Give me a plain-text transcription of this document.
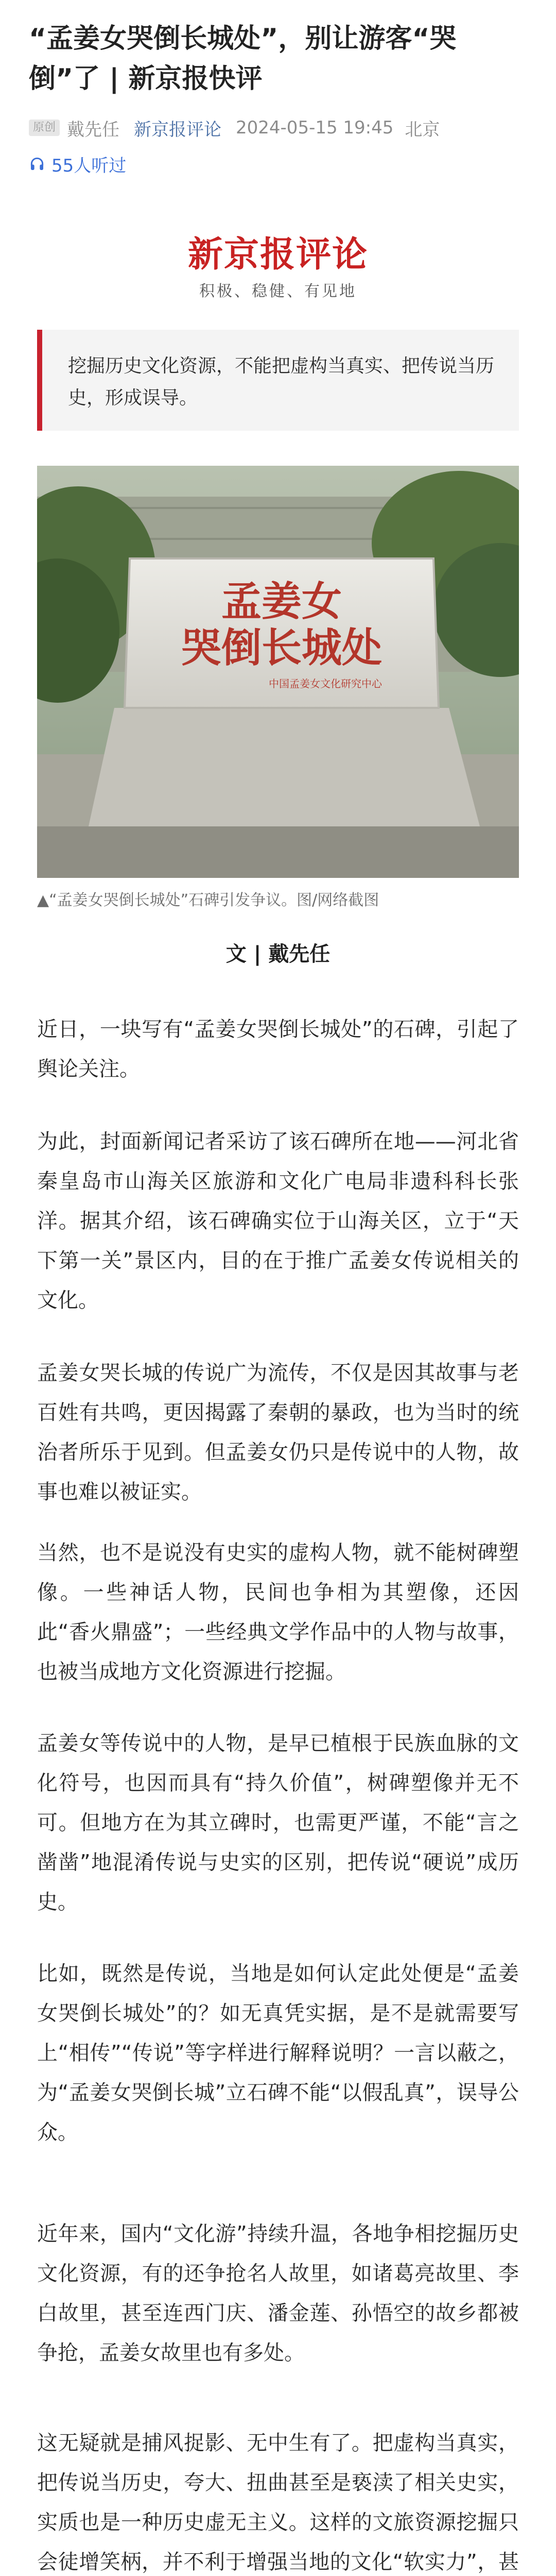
“孟姜女哭倒长城处”，别让游客“哭倒”了 | 新京报快评
原创 戴先任 新京报评论 2024-05-15 19:45 北京
55人听过
新京报评论
积极、稳健、有见地
挖掘历史文化资源，不能把虚构当真实、把传说当历史，形成误导。
孟姜女
哭倒长城处
中国孟姜女文化研究中心
▲“孟姜女哭倒长城处”石碑引发争议。图/网络截图
文 | 戴先任

近日，一块写有“孟姜女哭倒长城处”的石碑，引起了舆论关注。

为此，封面新闻记者采访了该石碑所在地——河北省秦皇岛市山海关区旅游和文化广电局非遗科科长张洋。据其介绍，该石碑确实位于山海关区，立于“天下第一关”景区内，目的在于推广孟姜女传说相关的文化。

孟姜女哭长城的传说广为流传，不仅是因其故事与老百姓有共鸣，更因揭露了秦朝的暴政，也为当时的统治者所乐于见到。但孟姜女仍只是传说中的人物，故事也难以被证实。

当然，也不是说没有史实的虚构人物，就不能树碑塑像。一些神话人物，民间也争相为其塑像，还因此“香火鼎盛”；一些经典文学作品中的人物与故事，也被当成地方文化资源进行挖掘。

孟姜女等传说中的人物，是早已植根于民族血脉的文化符号，也因而具有“持久价值”，树碑塑像并无不可。但地方在为其立碑时，也需更严谨，不能“言之凿凿”地混淆传说与史实的区别，把传说“硬说”成历史。

比如，既然是传说，当地是如何认定此处便是“孟姜女哭倒长城处”的？如无真凭实据，是不是就需要写上“相传”“传说”等字样进行解释说明？一言以蔽之，为“孟姜女哭倒长城”立石碑不能“以假乱真”，误导公众。

近年来，国内“文化游”持续升温，各地争相挖掘历史文化资源，有的还争抢名人故里，如诸葛亮故里、李白故里，甚至连西门庆、潘金莲、孙悟空的故乡都被争抢，孟姜女故里也有多处。

这无疑就是捕风捉影、无中生有了。把虚构当真实，把传说当历史，夸大、扭曲甚至是亵渎了相关史实，实质也是一种历史虚无主义。这样的文旅资源挖掘只会徒增笑柄，并不利于增强当地的文化“软实力”，甚
